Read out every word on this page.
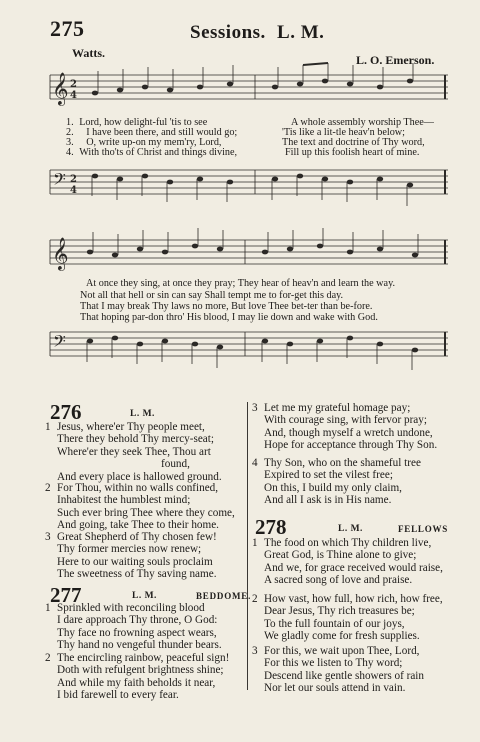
275	Sessions. L. M.
Watts.	L. O. Emerson.
𝄞 2
4
1. Lord, how delight-ful 'tis to see	A whole assembly worship Thee—
2. I have been there, and still would go;	'Tis like a lit-tle heav'n below;
3. O, write up-on my mem'ry, Lord,	The text and doctrine of Thy word,
4. With tho'ts of Christ and things divine,	Fill up this foolish heart of mine.
𝄢 2
4
𝄞
At once they sing, at once they pray; They hear of heav'n and learn the way.
Not all that hell or sin can say Shall tempt me to for-get this day.
That I may break Thy laws no more, But love Thee bet-ter than be-fore.
That hoping par-don thro' His blood, I may lie down and wake with God.
𝄢
276	L. M.
1 Jesus, where'er Thy people meet,
There they behold Thy mercy-seat;
Where'er they seek Thee, Thou art
found,
And every place is hallowed ground.
2 For Thou, within no walls confined,
Inhabitest the humblest mind;
Such ever bring Thee where they come,
And going, take Thee to their home.
3 Great Shepherd of Thy chosen few!
Thy former mercies now renew;
Here to our waiting souls proclaim
The sweetness of Thy saving name.
277	L. M.	BEDDOME.
1 Sprinkled with reconciling blood
I dare approach Thy throne, O God:
Thy face no frowning aspect wears,
Thy hand no vengeful thunder bears.
2 The encircling rainbow, peaceful sign!
Doth with refulgent brightness shine;
And while my faith beholds it near,
I bid farewell to every fear.
3 Let me my grateful homage pay;
With courage sing, with fervor pray;
And, though myself a wretch undone,
Hope for acceptance through Thy Son.
4 Thy Son, who on the shameful tree
Expired to set the vilest free;
On this, I build my only claim,
And all I ask is in His name.
278	L. M.	FELLOWS
1 The food on which Thy children live,
Great God, is Thine alone to give;
And we, for grace received would raise,
A sacred song of love and praise.
2 How vast, how full, how rich, how free,
Dear Jesus, Thy rich treasures be;
To the full fountain of our joys,
We gladly come for fresh supplies.
3 For this, we wait upon Thee, Lord,
For this we listen to Thy word;
Descend like gentle showers of rain
Nor let our souls attend in vain.
